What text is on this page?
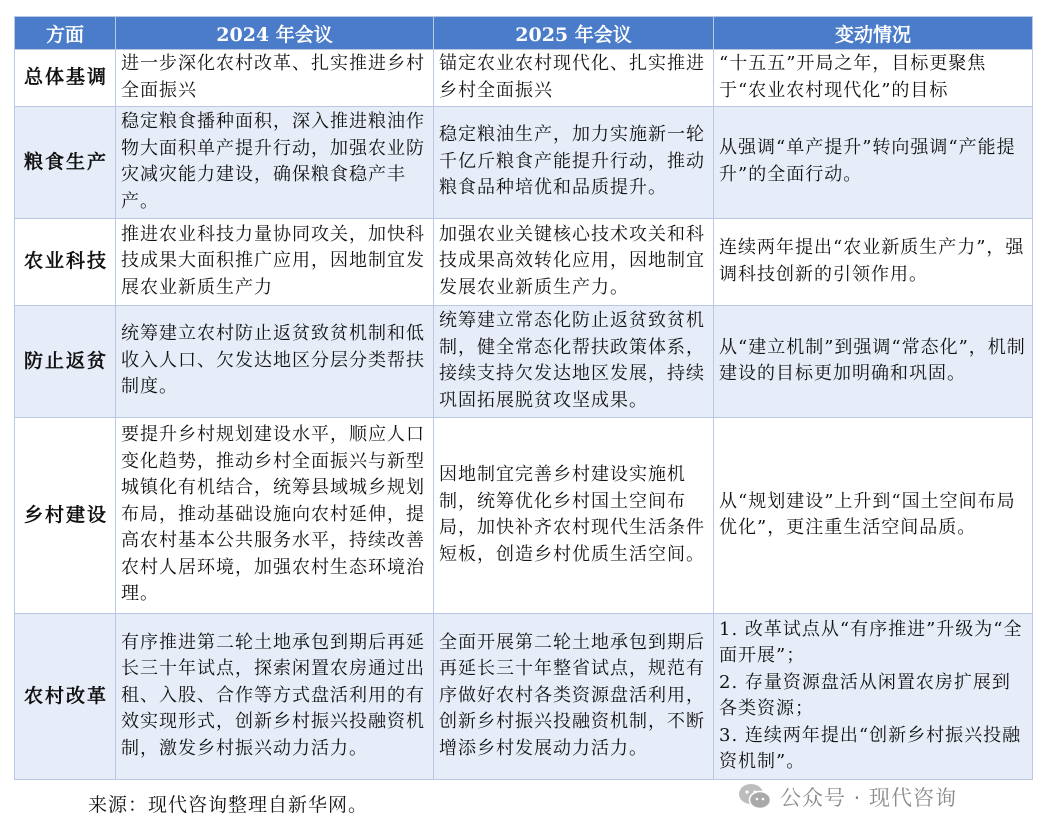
方面	2024 年会议	2025 年会议	变动情况
总体基调	进一步深化农村改革、扎实推进乡村全面振兴	锚定农业农村现代化、扎实推进乡村全面振兴	“十五五”开局之年，目标更聚焦于“农业农村现代化”的目标
粮食生产	稳定粮食播种面积，深入推进粮油作物大面积单产提升行动，加强农业防灾减灾能力建设，确保粮食稳产丰产。	稳定粮油生产，加力实施新一轮千亿斤粮食产能提升行动，推动粮食品种培优和品质提升。	从强调“单产提升”转向强调“产能提升”的全面行动。
农业科技	推进农业科技力量协同攻关，加快科技成果大面积推广应用，因地制宜发展农业新质生产力	加强农业关键核心技术攻关和科技成果高效转化应用，因地制宜发展农业新质生产力。	连续两年提出“农业新质生产力”，强调科技创新的引领作用。
防止返贫	统筹建立农村防止返贫致贫机制和低收入人口、欠发达地区分层分类帮扶制度。	统筹建立常态化防止返贫致贫机制，健全常态化帮扶政策体系，接续支持欠发达地区发展，持续巩固拓展脱贫攻坚成果。	从“建立机制”到强调“常态化”，机制建设的目标更加明确和巩固。
乡村建设	要提升乡村规划建设水平，顺应人口变化趋势，推动乡村全面振兴与新型城镇化有机结合，统筹县域城乡规划布局，推动基础设施向农村延伸，提高农村基本公共服务水平，持续改善农村人居环境，加强农村生态环境治理。	因地制宜完善乡村建设实施机制，统筹优化乡村国土空间布局，加快补齐农村现代生活条件短板，创造乡村优质生活空间。	从“规划建设”上升到“国土空间布局优化”，更注重生活空间品质。
农村改革	有序推进第二轮土地承包到期后再延长三十年试点，探索闲置农房通过出租、入股、合作等方式盘活利用的有效实现形式，创新乡村振兴投融资机制，激发乡村振兴动力活力。	全面开展第二轮土地承包到期后再延长三十年整省试点，规范有序做好农村各类资源盘活利用，创新乡村振兴投融资机制，不断增添乡村发展动力活力。	1. 改革试点从“有序推进”升级为“全面开展”；
2. 存量资源盘活从闲置农房扩展到各类资源；
3. 连续两年提出“创新乡村振兴投融资机制”。
来源：现代咨询整理自新华网。	公众号 · 现代咨询
